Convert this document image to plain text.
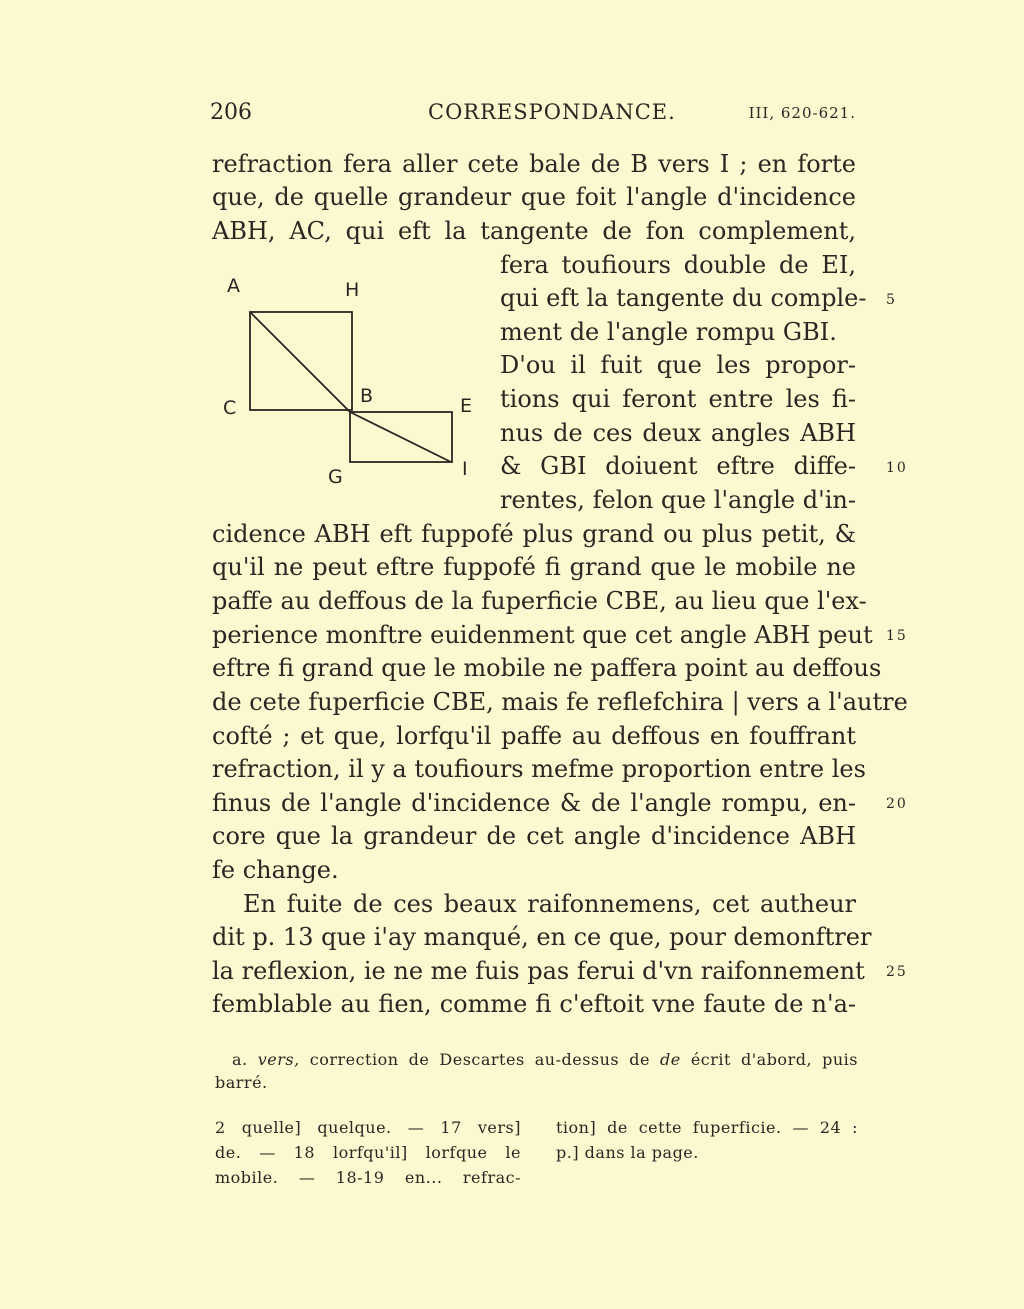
206	CORRESPONDANCE.	III, 620-621.

refraction fera aller cete bale de B vers I ; en forte

que, de quelle grandeur que foit l'angle d'incidence

ABH, AC, qui eft la tangente de fon complement,

fera toufiours double de EI,

qui eft la tangente du comple-

ment de l'angle rompu GBI.

D'ou il fuit que les propor-

tions qui feront entre les fi-

nus de ces deux angles ABH

& GBI doiuent eftre diffe-

rentes, felon que l'angle d'in-

cidence ABH eft fuppofé plus grand ou plus petit, &

qu'il ne peut eftre fuppofé fi grand que le mobile ne

paffe au deffous de la fuperficie CBE, au lieu que l'ex-

perience monftre euidenment que cet angle ABH peut

eftre fi grand que le mobile ne paffera point au deffous

de cete fuperficie CBE, mais fe reflefchira | vers a l'autre

cofté ; et que, lorfqu'il paffe au deffous en fouffrant

refraction, il y a toufiours mefme proportion entre les

finus de l'angle d'incidence & de l'angle rompu, en-

core que la grandeur de cet angle d'incidence ABH

fe change.

En fuite de ces beaux raifonnemens, cet autheur

dit p. 13 que i'ay manqué, en ce que, pour demonftrer

la reflexion, ie ne me fuis pas ferui d'vn raifonnement

femblable au fien, comme fi c'eftoit vne faute de n'a-

5
10
15
20
25
A	H
C
B	E
G	I

a. vers, correction de Descartes au-dessus de de écrit d'abord, puis barré.

2 quelle] quelque. — 17 vers]
de. — 18 lorfqu'il] lorfque le
mobile. — 18-19 en... refrac-
tion] de cette fuperficie. — 24 :
p.] dans la page.
